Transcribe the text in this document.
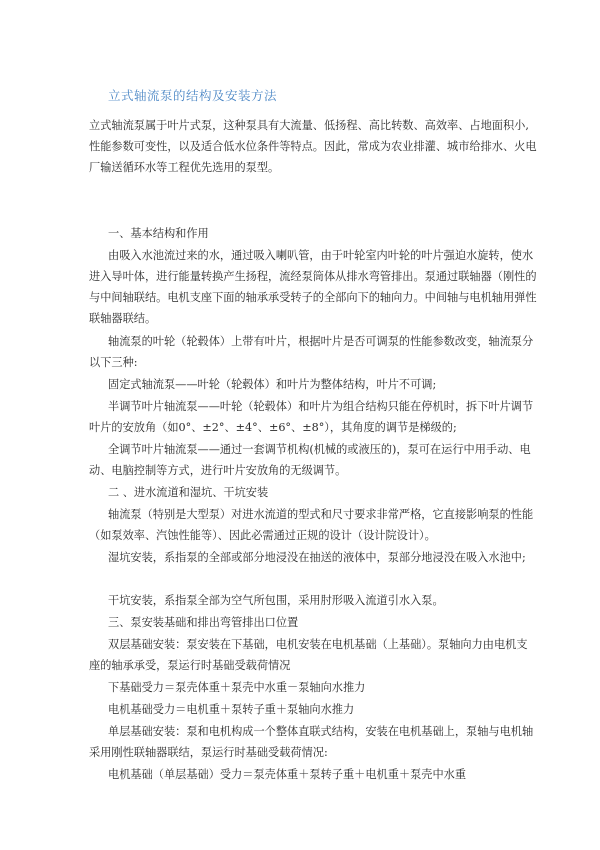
立式轴流泵的结构及安装方法
立式轴流泵属于叶片式泵，这种泵具有大流量、低扬程、高比转数、高效率、占地面积小,
性能参数可变性，以及适合低水位条件等特点。因此，常成为农业排灌、城市给排水、火电
厂输送循环水等工程优先选用的泵型。
一、基本结构和作用
由吸入水池流过来的水，通过吸入喇叭管，由于叶轮室内叶轮的叶片强迫水旋转，使水
进入导叶体，进行能量转换产生扬程，流经泵筒体从排水弯管排出。泵通过联轴器（刚性的
与中间轴联结。电机支座下面的轴承承受转子的全部向下的轴向力。中间轴与电机轴用弹性
联轴器联结。
轴流泵的叶轮（轮毂体）上带有叶片，根据叶片是否可调泵的性能参数改变，轴流泵分
以下三种:
固定式轴流泵——叶轮（轮毂体）和叶片为整体结构，叶片不可调;
半调节叶片轴流泵——叶轮（轮毂体）和叶片为组合结构只能在停机时，拆下叶片调节
叶片的安放角（如0°、±2°、±4°、±6°、±8°），其角度的调节是梯级的;
全调节叶片轴流泵——通过一套调节机构(机械的或液压的)，泵可在运行中用手动、电
动、电脑控制等方式，进行叶片安放角的无级调节。
二 、进水流道和湿坑、干坑安装
轴流泵（特别是大型泵）对进水流道的型式和尺寸要求非常严格，它直接影响泵的性能
（如泵效率、汽蚀性能等）、因此必需通过正规的设计（设计院设计）。
湿坑安装，系指泵的全部或部分地浸没在抽送的液体中，泵部分地浸没在吸入水池中;
干坑安装，系指泵全部为空气所包围，采用肘形吸入流道引水入泵。
三、泵安装基础和排出弯管排出口位置
双层基础安装：泵安装在下基础，电机安装在电机基础（上基础）。泵轴向力由电机支
座的轴承承受，泵运行时基础受载荷情况
下基础受力＝泵壳体重＋泵壳中水重－泵轴向水推力
电机基础受力＝电机重＋泵转子重＋泵轴向水推力
单层基础安装：泵和电机构成一个整体直联式结构，安装在电机基础上，泵轴与电机轴
采用刚性联轴器联结，泵运行时基础受载荷情况:
电机基础（单层基础）受力＝泵壳体重＋泵转子重＋电机重＋泵壳中水重
